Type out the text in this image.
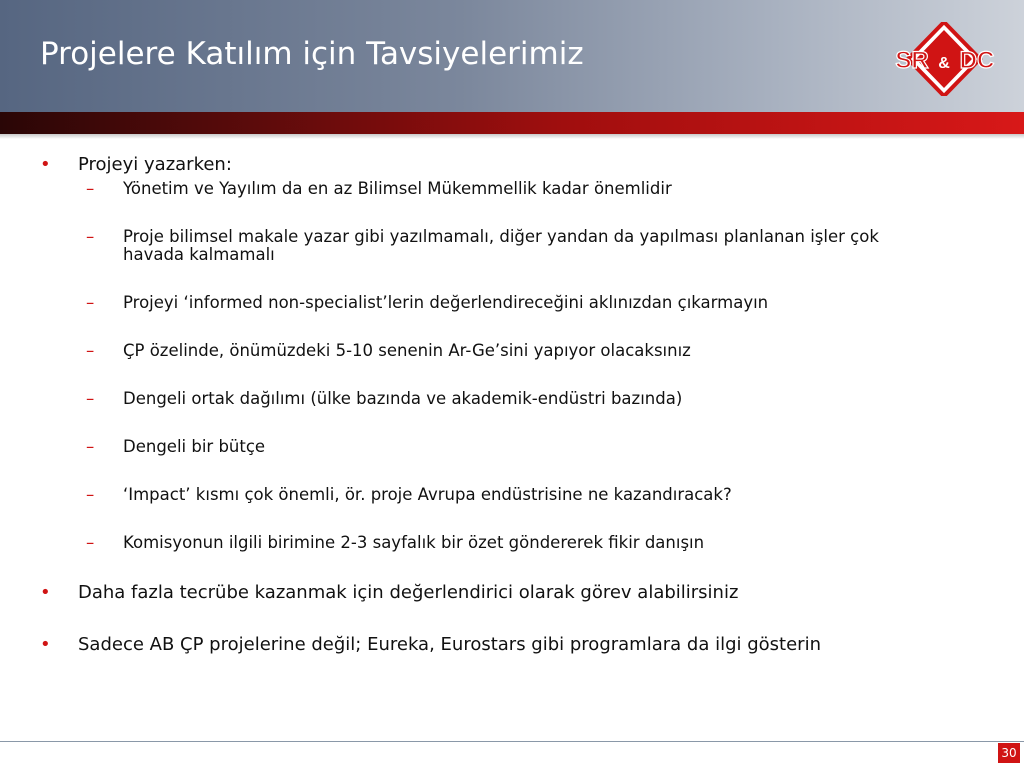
Projelere Katılım için Tavsiyelerimiz	SR & DC
17.9.2014
• Projeyi yazarken:
– Yönetim ve Yayılım da en az Bilimsel Mükemmellik kadar önemlidir
– Proje bilimsel makale yazar gibi yazılmamalı, diğer yandan da yapılması planlanan işler çok havada kalmamalı
– Projeyi ‘informed non-specialist’lerin değerlendireceğini aklınızdan çıkarmayın
– ÇP özelinde, önümüzdeki 5-10 senenin Ar-Ge’sini yapıyor olacaksınız
– Dengeli ortak dağılımı (ülke bazında ve akademik-endüstri bazında)
– Dengeli bir bütçe
– ‘Impact’ kısmı çok önemli, ör. proje Avrupa endüstrisine ne kazandıracak?
– Komisyonun ilgili birimine 2-3 sayfalık bir özet göndererek fikir danışın
• Daha fazla tecrübe kazanmak için değerlendirici olarak görev alabilirsiniz
• Sadece AB ÇP projelerine değil; Eureka, Eurostars gibi programlara da ilgi gösterin
30
